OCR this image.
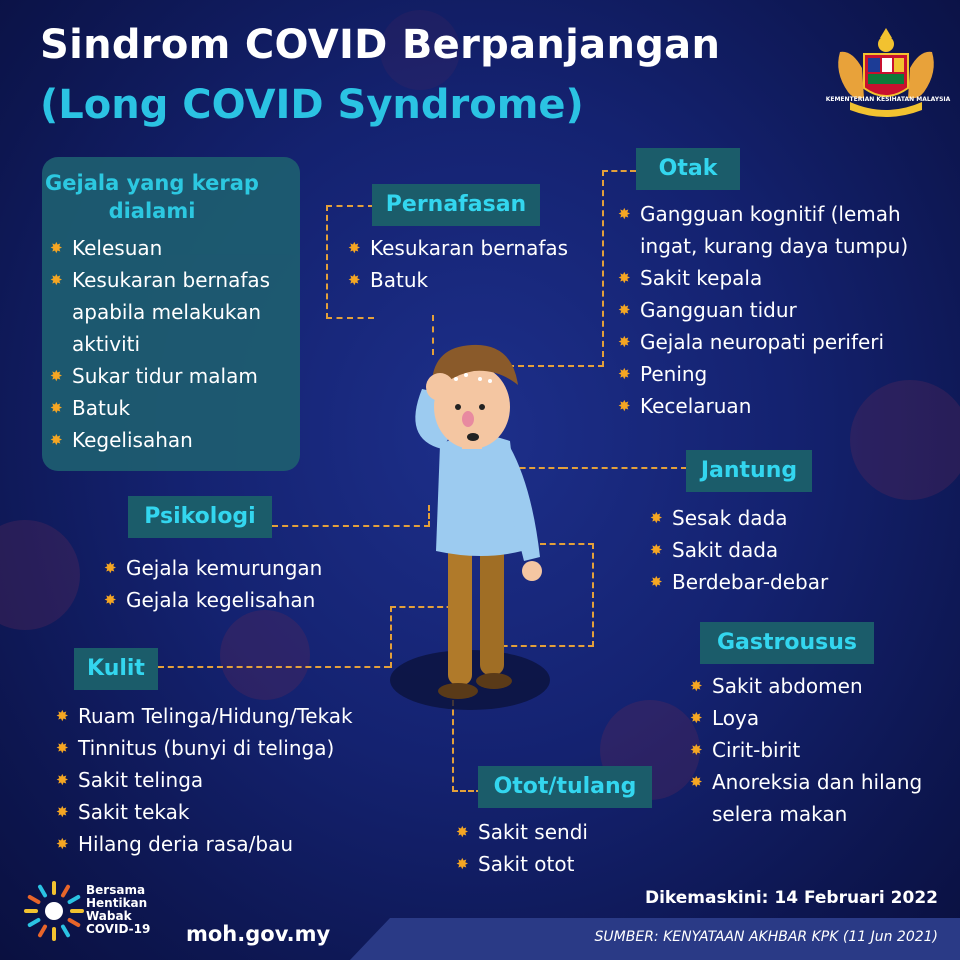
Sindrom COVID Berpanjangan
(Long COVID Syndrome)	KEMENTERIAN KESIHATAN MALAYSIA
Gejala yang kerap dialami
✸ Kelesuan
✸ Kesukaran bernafas apabila melakukan aktiviti
✸ Sukar tidur malam
✸ Batuk
✸ Kegelisahan
Pernafasan
✸ Kesukaran bernafas
✸ Batuk
Otak
✸ Gangguan kognitif (lemah ingat, kurang daya tumpu)
✸ Sakit kepala
✸ Gangguan tidur
✸ Gejala neuropati periferi
✸ Pening
✸ Kecelaruan
Psikologi
✸ Gejala kemurungan
✸ Gejala kegelisahan
Jantung
✸ Sesak dada
✸ Sakit dada
✸ Berdebar-debar
Kulit
✸ Ruam Telinga/Hidung/Tekak
✸ Tinnitus (bunyi di telinga)
✸ Sakit telinga
✸ Sakit tekak
✸ Hilang deria rasa/bau
Gastrousus
✸ Sakit abdomen
✸ Loya
✸ Cirit-birit
✸ Anoreksia dan hilang selera makan
Otot/tulang
✸ Sakit sendi
✸ Sakit otot
Dikemaskini: 14 Februari 2022
SUMBER: KENYATAAN AKHBAR KPK (11 Jun 2021)
Bersama
Hentikan
Wabak
COVID-19	moh.gov.my
